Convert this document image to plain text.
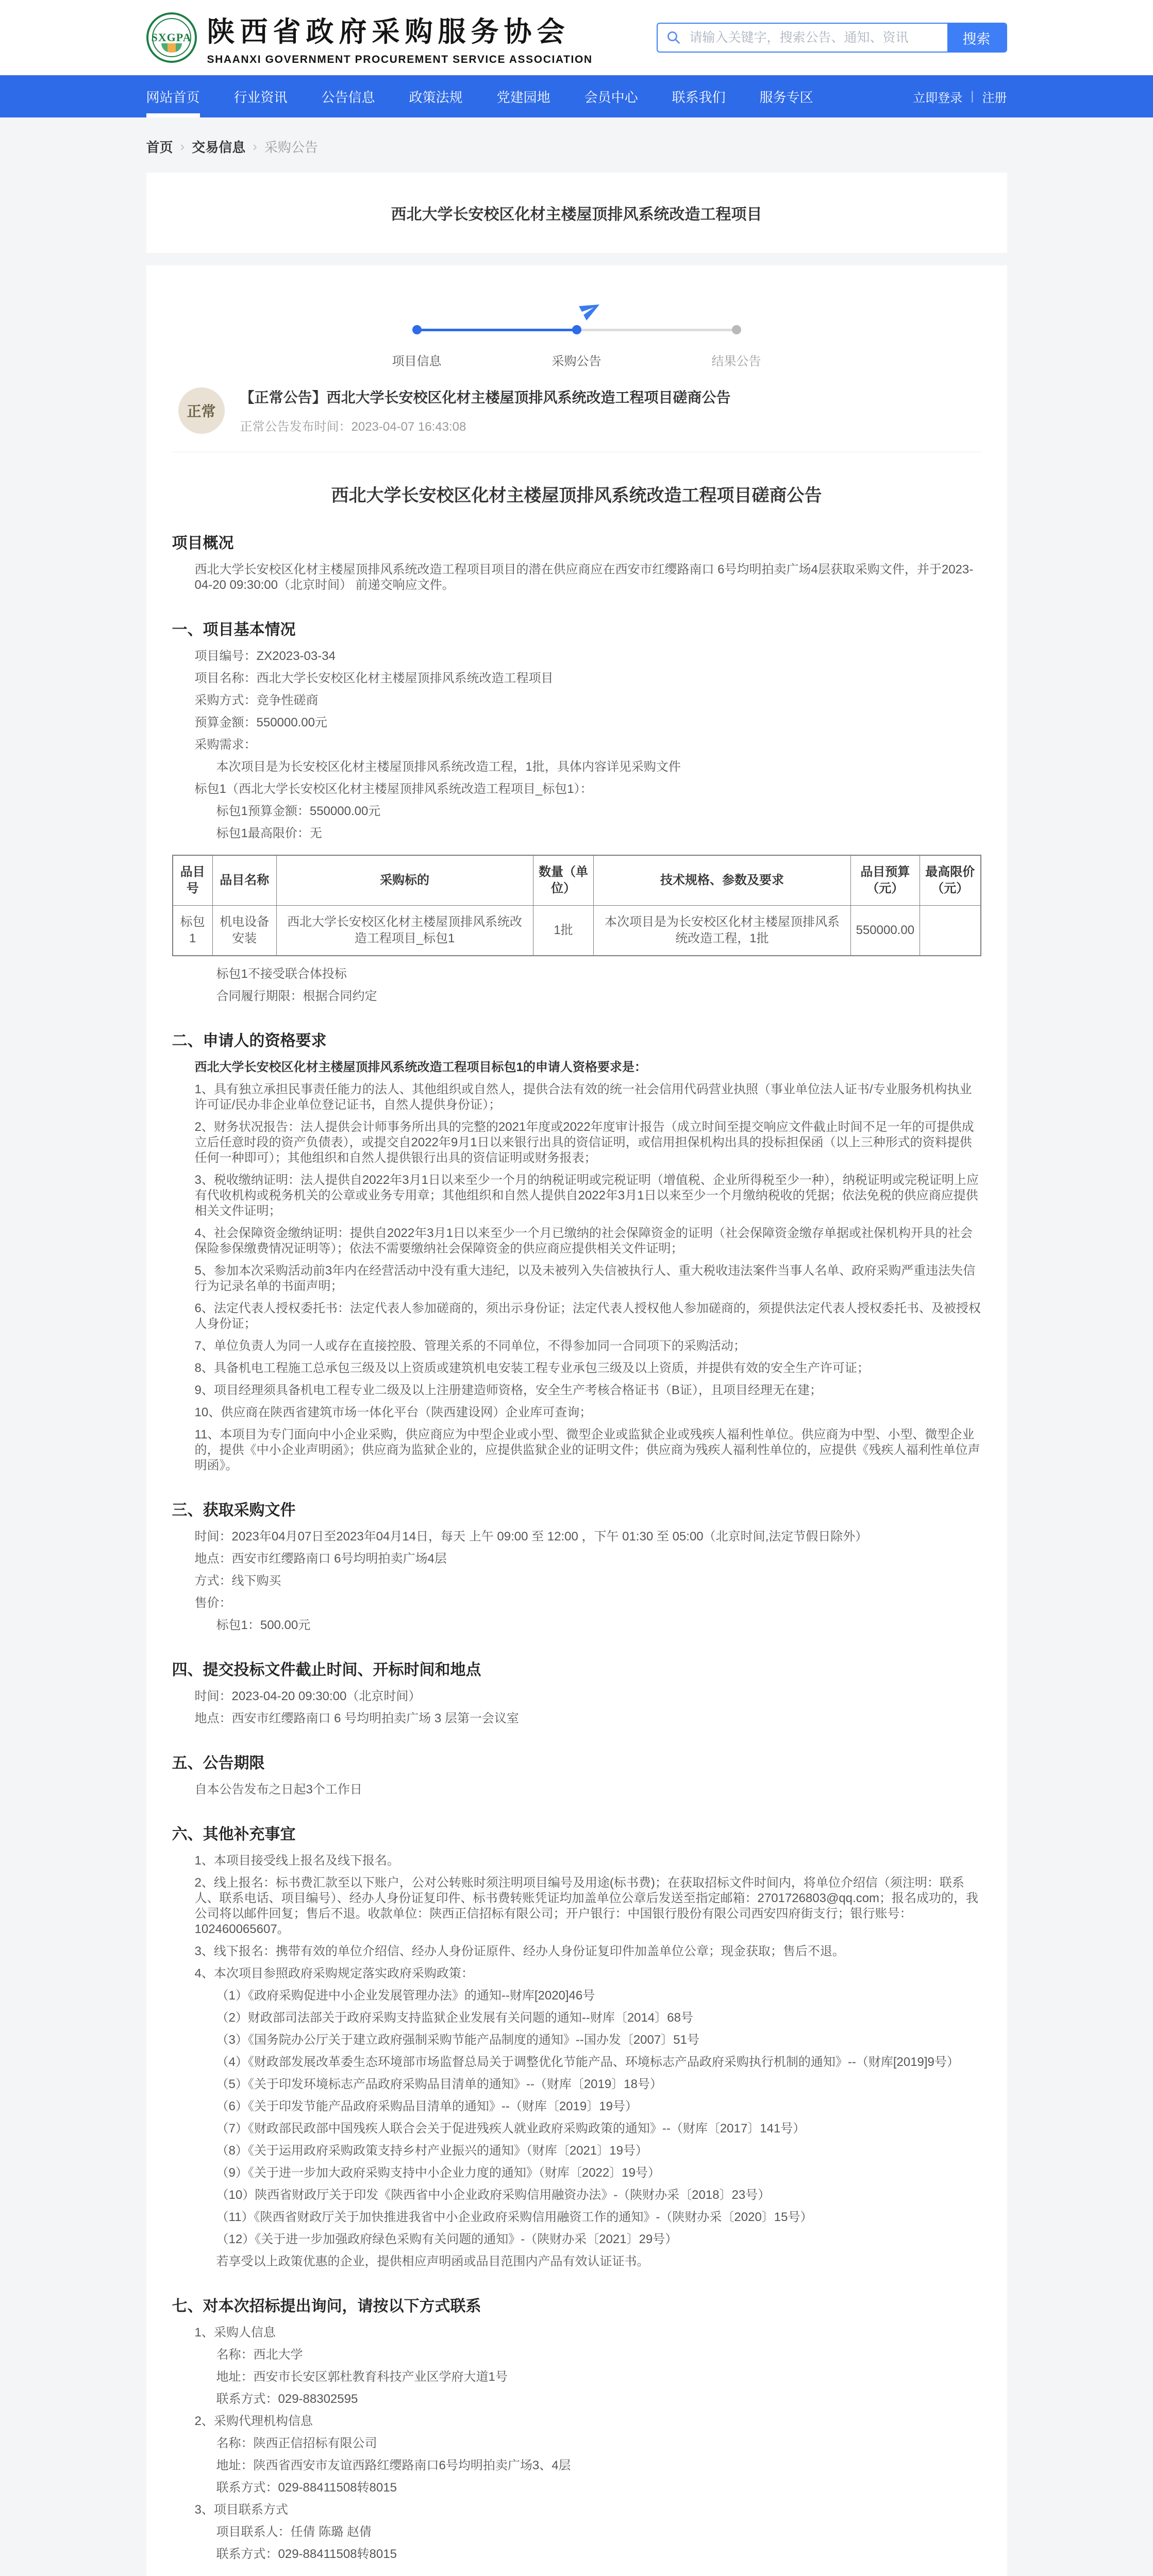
SXGPA 陕西省政府采购服务协会
SHAANXI GOVERNMENT PROCUREMENT SERVICE ASSOCIATION
请输入关键字，搜索公告、通知、资讯
搜索
网站首页	行业资讯	公告信息	政策法规	党建园地	会员中心	联系我们	服务专区	立即登录 | 注册
首页 › 交易信息 › 采购公告
西北大学长安校区化材主楼屋顶排风系统改造工程项目
项目信息	采购公告	结果公告
正常
【正常公告】西北大学长安校区化材主楼屋顶排风系统改造工程项目磋商公告
正常公告发布时间：2023-04-07 16:43:08
西北大学长安校区化材主楼屋顶排风系统改造工程项目磋商公告
项目概况
西北大学长安校区化材主楼屋顶排风系统改造工程项目项目的潜在供应商应在西安市红缨路南口 6号均明拍卖广场4层获取采购文件，并于2023-04-20 09:30:00（北京时间） 前递交响应文件。
一、项目基本情况
项目编号：ZX2023-03-34
项目名称：西北大学长安校区化材主楼屋顶排风系统改造工程项目
采购方式：竞争性磋商
预算金额：550000.00元
采购需求：
本次项目是为长安校区化材主楼屋顶排风系统改造工程，1批，具体内容详见采购文件
标包1（西北大学长安校区化材主楼屋顶排风系统改造工程项目_标包1）：
标包1预算金额：550000.00元
标包1最高限价：无
品目号	品目名称	采购标的	数量（单位）	技术规格、参数及要求	品目预算（元）	最高限价（元）
标包1	机电设备安装	西北大学长安校区化材主楼屋顶排风系统改造工程项目_标包1	1批	本次项目是为长安校区化材主楼屋顶排风系统改造工程，1批	550000.00	
标包1不接受联合体投标
合同履行期限：根据合同约定
二、申请人的资格要求
西北大学长安校区化材主楼屋顶排风系统改造工程项目标包1的申请人资格要求是：
1、具有独立承担民事责任能力的法人、其他组织或自然人，提供合法有效的统一社会信用代码营业执照（事业单位法人证书/专业服务机构执业许可证/民办非企业单位登记证书，自然人提供身份证）；
2、财务状况报告：法人提供会计师事务所出具的完整的2021年度或2022年度审计报告（成立时间至提交响应文件截止时间不足一年的可提供成立后任意时段的资产负债表），或提交自2022年9月1日以来银行出具的资信证明，或信用担保机构出具的投标担保函（以上三种形式的资料提供任何一种即可）；其他组织和自然人提供银行出具的资信证明或财务报表；
3、税收缴纳证明：法人提供自2022年3月1日以来至少一个月的纳税证明或完税证明（增值税、企业所得税至少一种），纳税证明或完税证明上应有代收机构或税务机关的公章或业务专用章；其他组织和自然人提供自2022年3月1日以来至少一个月缴纳税收的凭据；依法免税的供应商应提供相关文件证明；
4、社会保障资金缴纳证明：提供自2022年3月1日以来至少一个月已缴纳的社会保障资金的证明（社会保障资金缴存单据或社保机构开具的社会保险参保缴费情况证明等）；依法不需要缴纳社会保障资金的供应商应提供相关文件证明；
5、参加本次采购活动前3年内在经营活动中没有重大违纪，以及未被列入失信被执行人、重大税收违法案件当事人名单、政府采购严重违法失信行为记录名单的书面声明；
6、法定代表人授权委托书：法定代表人参加磋商的，须出示身份证；法定代表人授权他人参加磋商的，须提供法定代表人授权委托书、及被授权人身份证；
7、单位负责人为同一人或存在直接控股、管理关系的不同单位，不得参加同一合同项下的采购活动；
8、具备机电工程施工总承包三级及以上资质或建筑机电安装工程专业承包三级及以上资质，并提供有效的安全生产许可证；
9、项目经理须具备机电工程专业二级及以上注册建造师资格，安全生产考核合格证书（B证），且项目经理无在建；
10、供应商在陕西省建筑市场一体化平台（陕西建设网）企业库可查询；
11、本项目为专门面向中小企业采购，供应商应为中型企业或小型、微型企业或监狱企业或残疾人福利性单位。供应商为中型、小型、微型企业的，提供《中小企业声明函》；供应商为监狱企业的，应提供监狱企业的证明文件；供应商为残疾人福利性单位的，应提供《残疾人福利性单位声明函》。
三、获取采购文件
时间：2023年04月07日至2023年04月14日，每天 上午 09:00 至 12:00 ，下午 01:30 至 05:00（北京时间,法定节假日除外）
地点：西安市红缨路南口 6号均明拍卖广场4层
方式：线下购买
售价：
标包1：500.00元
四、提交投标文件截止时间、开标时间和地点
时间：2023-04-20 09:30:00（北京时间）
地点：西安市红缨路南口 6 号均明拍卖广场 3 层第一会议室
五、公告期限
自本公告发布之日起3个工作日
六、其他补充事宜
1、本项目接受线上报名及线下报名。
2、线上报名：标书费汇款至以下账户，公对公转账时须注明项目编号及用途(标书费)；在获取招标文件时间内，将单位介绍信（须注明：联系人、联系电话、项目编号）、经办人身份证复印件、标书费转账凭证均加盖单位公章后发送至指定邮箱：2701726803@qq.com；报名成功的，我公司将以邮件回复；售后不退。收款单位：陕西正信招标有限公司；开户银行：中国银行股份有限公司西安四府街支行；银行账号：102460065607。
3、线下报名：携带有效的单位介绍信、经办人身份证原件、经办人身份证复印件加盖单位公章；现金获取；售后不退。
4、本次项目参照政府采购规定落实政府采购政策：
（1）《政府采购促进中小企业发展管理办法》的通知--财库[2020]46号
（2）财政部司法部关于政府采购支持监狱企业发展有关问题的通知--财库〔2014〕68号
（3）《国务院办公厅关于建立政府强制采购节能产品制度的通知》--国办发〔2007〕51号
（4）《财政部发展改革委生态环境部市场监督总局关于调整优化节能产品、环境标志产品政府采购执行机制的通知》--（财库[2019]9号）
（5）《关于印发环境标志产品政府采购品目清单的通知》--（财库〔2019〕18号）
（6）《关于印发节能产品政府采购品目清单的通知》--（财库〔2019〕19号）
（7）《财政部民政部中国残疾人联合会关于促进残疾人就业政府采购政策的通知》--（财库〔2017〕141号）
（8）《关于运用政府采购政策支持乡村产业振兴的通知》（财库〔2021〕19号）
（9）《关于进一步加大政府采购支持中小企业力度的通知》（财库〔2022〕19号）
（10）陕西省财政厅关于印发《陕西省中小企业政府采购信用融资办法》-（陕财办采〔2018〕23号）
（11）《陕西省财政厅关于加快推进我省中小企业政府采购信用融资工作的通知》-（陕财办采〔2020〕15号）
（12）《关于进一步加强政府绿色采购有关问题的通知》-（陕财办采〔2021〕29号）
若享受以上政策优惠的企业，提供相应声明函或品目范围内产品有效认证证书。
七、对本次招标提出询问，请按以下方式联系
1、采购人信息
名称：西北大学
地址：西安市长安区郭杜教育科技产业区学府大道1号
联系方式：029-88302595
2、采购代理机构信息
名称：陕西正信招标有限公司
地址：陕西省西安市友谊西路红缨路南口6号均明拍卖广场3、4层
联系方式：029-88411508转8015
3、项目联系方式
项目联系人：任倩 陈璐 赵倩
联系方式：029-88411508转8015
